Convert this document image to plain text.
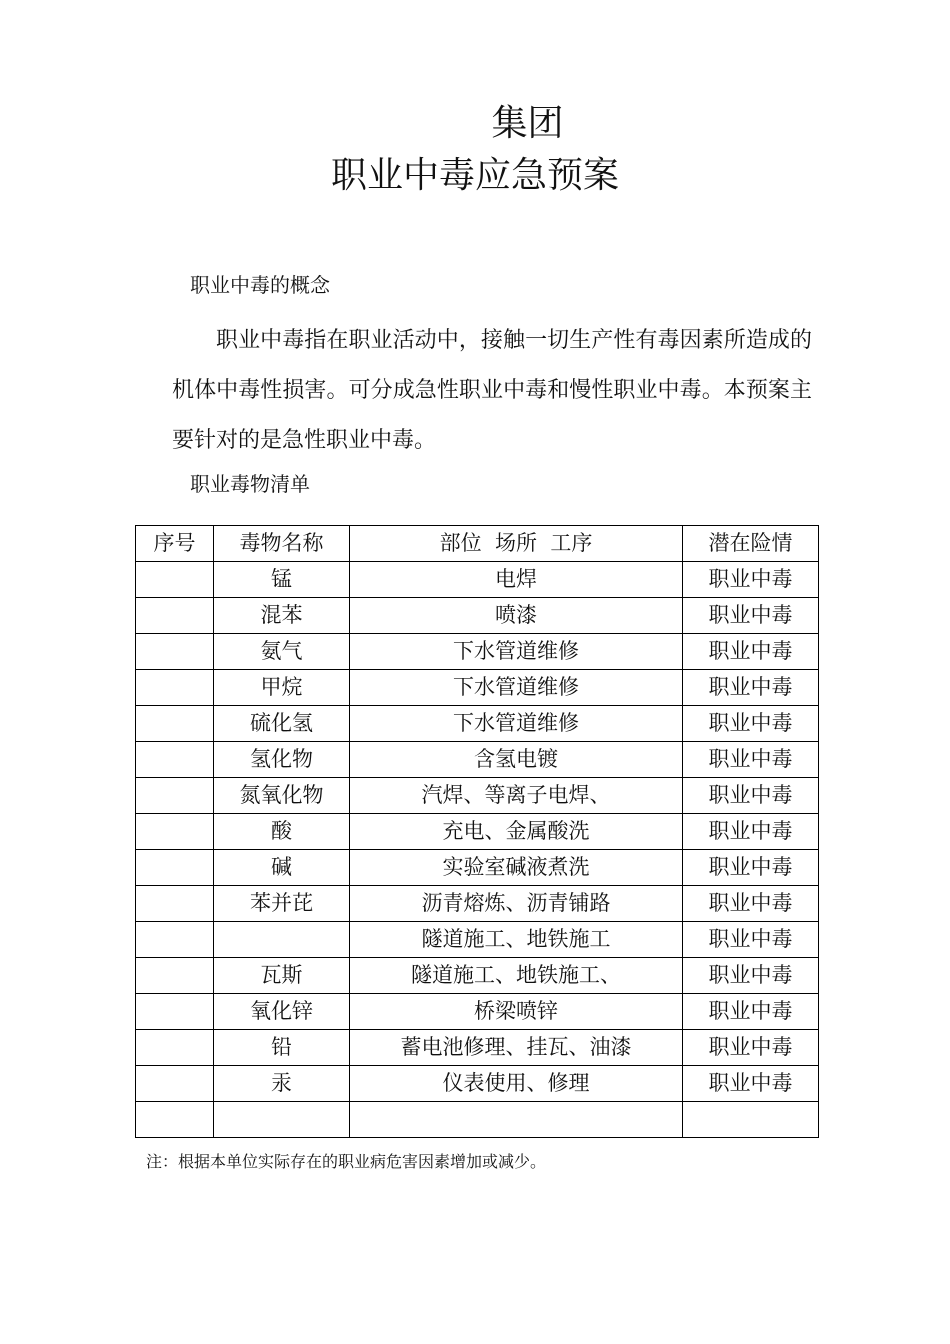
集团
职业中毒应急预案
职业中毒的概念
职业中毒指在职业活动中，接触一切生产性有毒因素所造成的机体中毒性损害。可分成急性职业中毒和慢性职业中毒。本预案主要针对的是急性职业中毒。
职业毒物清单
序号	毒物名称	部位  场所  工序	潜在险情
	锰	电焊	职业中毒
	混苯	喷漆	职业中毒
	氨气	下水管道维修	职业中毒
	甲烷	下水管道维修	职业中毒
	硫化氢	下水管道维修	职业中毒
	氢化物	含氢电镀	职业中毒
	氮氧化物	汽焊、等离子电焊、	职业中毒
	酸	充电、金属酸洗	职业中毒
	碱	实验室碱液煮洗	职业中毒
	苯并芘	沥青熔炼、沥青铺路	职业中毒
		隧道施工、地铁施工	职业中毒
	瓦斯	隧道施工、地铁施工、	职业中毒
	氧化锌	桥梁喷锌	职业中毒
	铅	蓄电池修理、挂瓦、油漆	职业中毒
	汞	仪表使用、修理	职业中毒

注：根据本单位实际存在的职业病危害因素增加或减少。
